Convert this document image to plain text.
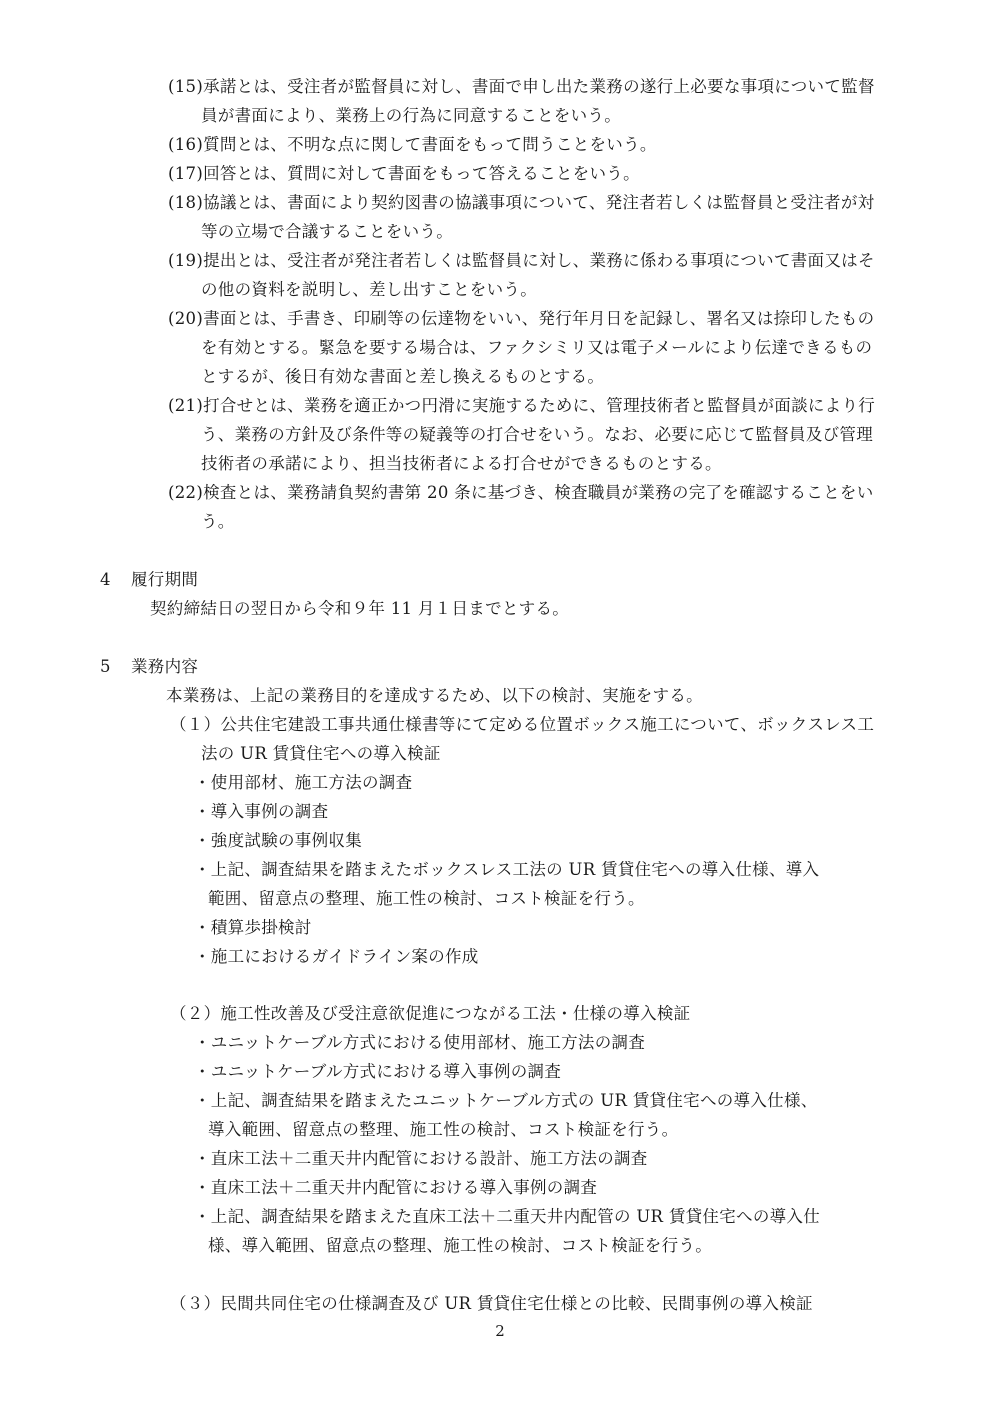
(15)承諾とは、受注者が監督員に対し、書面で申し出た業務の遂行上必要な事項について監督
員が書面により、業務上の行為に同意することをいう。
(16)質問とは、不明な点に関して書面をもって問うことをいう。
(17)回答とは、質問に対して書面をもって答えることをいう。
(18)協議とは、書面により契約図書の協議事項について、発注者若しくは監督員と受注者が対
等の立場で合議することをいう。
(19)提出とは、受注者が発注者若しくは監督員に対し、業務に係わる事項について書面又はそ
の他の資料を説明し、差し出すことをいう。
(20)書面とは、手書き、印刷等の伝達物をいい、発行年月日を記録し、署名又は捺印したもの
を有効とする。緊急を要する場合は、ファクシミリ又は電子メールにより伝達できるもの
とするが、後日有効な書面と差し換えるものとする。
(21)打合せとは、業務を適正かつ円滑に実施するために、管理技術者と監督員が面談により行
う、業務の方針及び条件等の疑義等の打合せをいう。なお、必要に応じて監督員及び管理
技術者の承諾により、担当技術者による打合せができるものとする。
(22)検査とは、業務請負契約書第 20 条に基づき、検査職員が業務の完了を確認することをい
う。
4 履行期間
契約締結日の翌日から令和９年 11 月１日までとする。
5 業務内容
本業務は、上記の業務目的を達成するため、以下の検討、実施をする。
（１）公共住宅建設工事共通仕様書等にて定める位置ボックス施工について、ボックスレス工
法の UR 賃貸住宅への導入検証
・使用部材、施工方法の調査
・導入事例の調査
・強度試験の事例収集
・上記、調査結果を踏まえたボックスレス工法の UR 賃貸住宅への導入仕様、導入
範囲、留意点の整理、施工性の検討、コスト検証を行う。
・積算歩掛検討
・施工におけるガイドライン案の作成
（２）施工性改善及び受注意欲促進につながる工法・仕様の導入検証
・ユニットケーブル方式における使用部材、施工方法の調査
・ユニットケーブル方式における導入事例の調査
・上記、調査結果を踏まえたユニットケーブル方式の UR 賃貸住宅への導入仕様、
導入範囲、留意点の整理、施工性の検討、コスト検証を行う。
・直床工法＋二重天井内配管における設計、施工方法の調査
・直床工法＋二重天井内配管における導入事例の調査
・上記、調査結果を踏まえた直床工法＋二重天井内配管の UR 賃貸住宅への導入仕
様、導入範囲、留意点の整理、施工性の検討、コスト検証を行う。
（３）民間共同住宅の仕様調査及び UR 賃貸住宅仕様との比較、民間事例の導入検証
2
